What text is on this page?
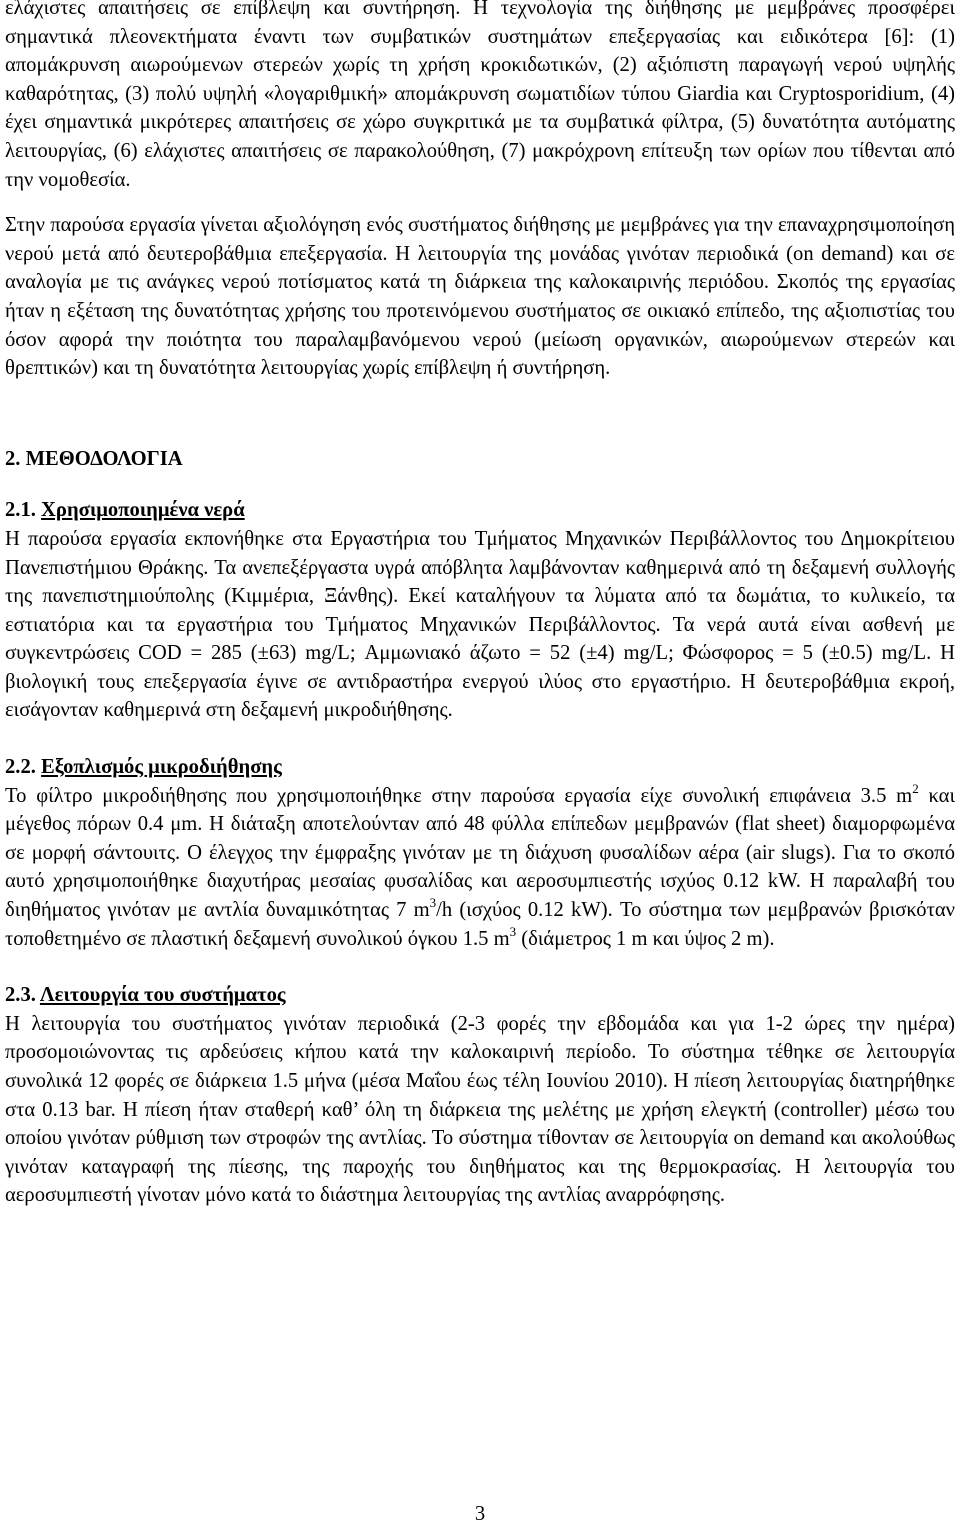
ελάχιστες απαιτήσεις σε επίβλεψη και συντήρηση. Η τεχνολογία της διήθησης με μεμβράνες προσφέρει σημαντικά πλεονεκτήματα έναντι των συμβατικών συστημάτων επεξεργασίας και ειδικότερα [6]: (1) απομάκρυνση αιωρούμενων στερεών χωρίς τη χρήση κροκιδωτικών, (2) αξιόπιστη παραγωγή νερού υψηλής καθαρότητας, (3) πολύ υψηλή «λογαριθμική» απομάκρυνση σωματιδίων τύπου Giardia και Cryptosporidium, (4) έχει σημαντικά μικρότερες απαιτήσεις σε χώρο συγκριτικά με τα συμβατικά φίλτρα, (5) δυνατότητα αυτόματης λειτουργίας, (6) ελάχιστες απαιτήσεις σε παρακολούθηση, (7) μακρόχρονη επίτευξη των ορίων που τίθενται από την νομοθεσία.

Στην παρούσα εργασία γίνεται αξιολόγηση ενός συστήματος διήθησης με μεμβράνες για την επαναχρησιμοποίηση νερού μετά από δευτεροβάθμια επεξεργασία. Η λειτουργία της μονάδας γινόταν περιοδικά (on demand) και σε αναλογία με τις ανάγκες νερού ποτίσματος κατά τη διάρκεια της καλοκαιρινής περιόδου. Σκοπός της εργασίας ήταν η εξέταση της δυνατότητας χρήσης του προτεινόμενου συστήματος σε οικιακό επίπεδο, της αξιοπιστίας του όσον αφορά την ποιότητα του παραλαμβανόμενου νερού (μείωση οργανικών, αιωρούμενων στερεών και θρεπτικών) και τη δυνατότητα λειτουργίας χωρίς επίβλεψη ή συντήρηση.

2. ΜΕΘΟΔΟΛΟΓΙΑ
2.1. Χρησιμοποιημένα νερά

Η παρούσα εργασία εκπονήθηκε στα Εργαστήρια του Τμήματος Μηχανικών Περιβάλλοντος του Δημοκρίτειου Πανεπιστήμιου Θράκης. Τα ανεπεξέργαστα υγρά απόβλητα λαμβάνονταν καθημερινά από τη δεξαμενή συλλογής της πανεπιστημιούπολης (Κιμμέρια, Ξάνθης). Εκεί καταλήγουν τα λύματα από τα δωμάτια, το κυλικείο, τα εστιατόρια και τα εργαστήρια του Τμήματος Μηχανικών Περιβάλλοντος. Τα νερά αυτά είναι ασθενή με συγκεντρώσεις COD = 285 (±63) mg/L; Αμμωνιακό άζωτο = 52 (±4) mg/L; Φώσφορος = 5 (±0.5) mg/L. Η βιολογική τους επεξεργασία έγινε σε αντιδραστήρα ενεργού ιλύος στο εργαστήριο. Η δευτεροβάθμια εκροή, εισάγονταν καθημερινά στη δεξαμενή μικροδιήθησης.

2.2. Εξοπλισμός μικροδιήθησης

Το φίλτρο μικροδιήθησης που χρησιμοποιήθηκε στην παρούσα εργασία είχε συνολική επιφάνεια 3.5 $m^2$ και μέγεθος πόρων 0.4 μm. Η διάταξη αποτελούνταν από 48 φύλλα επίπεδων μεμβρανών (flat sheet) διαμορφωμένα σε μορφή σάντουιτς. Ο έλεγχος την έμφραξης γινόταν με τη διάχυση φυσαλίδων αέρα (air slugs). Για το σκοπό αυτό χρησιμοποιήθηκε διαχυτήρας μεσαίας φυσαλίδας και αεροσυμπιεστής ισχύος 0.12 kW. Η παραλαβή του διηθήματος γινόταν με αντλία δυναμικότητας 7 $m^3/h$ (ισχύος 0.12 kW). Το σύστημα των μεμβρανών βρισκόταν τοποθετημένο σε πλαστική δεξαμενή συνολικού όγκου 1.5 $m^3$ (διάμετρος 1 m και ύψος 2 m).

2.3. Λειτουργία του συστήματος

Η λειτουργία του συστήματος γινόταν περιοδικά (2-3 φορές την εβδομάδα και για 1-2 ώρες την ημέρα) προσομοιώνοντας τις αρδεύσεις κήπου κατά την καλοκαιρινή περίοδο. Το σύστημα τέθηκε σε λειτουργία συνολικά 12 φορές σε διάρκεια 1.5 μήνα (μέσα Μαΐου έως τέλη Ιουνίου 2010). Η πίεση λειτουργίας διατηρήθηκε στα 0.13 bar. Η πίεση ήταν σταθερή καθ’ όλη τη διάρκεια της μελέτης με χρήση ελεγκτή (controller) μέσω του οποίου γινόταν ρύθμιση των στροφών της αντλίας. Το σύστημα τίθονταν σε λειτουργία on demand και ακολούθως γινόταν καταγραφή της πίεσης, της παροχής του διηθήματος και της θερμοκρασίας. Η λειτουργία του αεροσυμπιεστή γίνοταν μόνο κατά το διάστημα λειτουργίας της αντλίας αναρρόφησης.

3
